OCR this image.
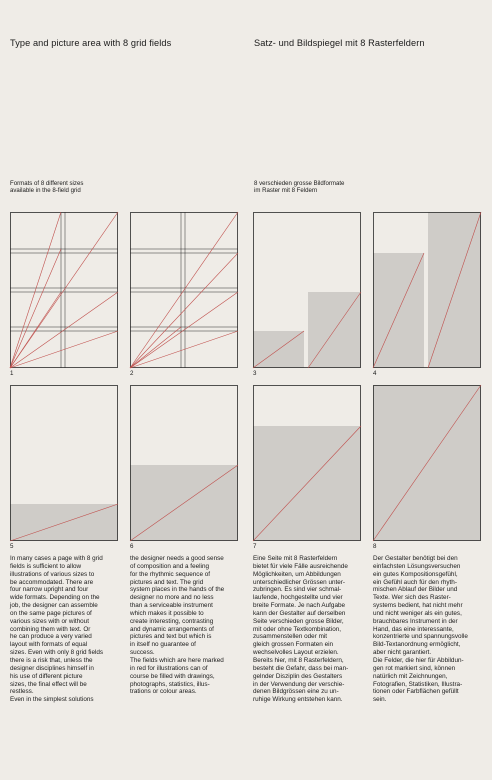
Type and picture area with 8 grid fields	Satz- und Bildspiegel mit 8 Rasterfeldern
Formats of 8 different sizes
available in the 8-field grid
8 verschieden grosse Bildformate
im Raster mit 8 Feldern
1	2	3	4
5	6	7	8

In many cases a page with 8 grid

fields is sufficient to allow

illustrations of various sizes to

be accommodated. There are

four narrow upright and four

wide formats. Depending on the

job, the designer can assemble

on the same page pictures of

various sizes with or without

combining them with text. Or

he can produce a very varied

layout with formats of equal

sizes. Even with only 8 grid fields

there is a risk that, unless the

designer disciplines himself in

his use of different picture

sizes, the final effect will be

restless.

Even in the simplest solutions

the designer needs a good sense

of composition and a feeling

for the rhythmic sequence of

pictures and text. The grid

system places in the hands of the

designer no more and no less

than a serviceable instrument

which makes it possible to

create interesting, contrasting

and dynamic arrangements of

pictures and text but which is

in itself no guarantee of

success.

The fields which are here marked

in red for illustrations can of

course be filled with drawings,

photographs, statistics, illus-

trations or colour areas.

Eine Seite mit 8 Rasterfeldern

bietet für viele Fälle ausreichende

Möglichkeiten, um Abbildungen

unterschiedlicher Grössen unter-

zubringen. Es sind vier schmal-

laufende, hochgestellte und vier

breite Formate. Je nach Aufgabe

kann der Gestalter auf derselben

Seite verschieden grosse Bilder,

mit oder ohne Textkombination,

zusammenstellen oder mit

gleich grossen Formaten ein

wechselvolles Layout erzielen.

Bereits hier, mit 8 Rasterfeldern,

besteht die Gefahr, dass bei man-

gelnder Disziplin des Gestalters

in der Verwendung der verschie-

denen Bildgrössen eine zu un-

ruhige Wirkung entstehen kann.

Der Gestalter benötigt bei den

einfachsten Lösungsversuchen

ein gutes Kompositionsgefühl,

ein Gefühl auch für den rhyth-

mischen Ablauf der Bilder und

Texte. Wer sich des Raster-

systems bedient, hat nicht mehr

und nicht weniger als ein gutes,

brauchbares Instrument in der

Hand, das eine interessante,

konzentrierte und spannungsvolle

Bild-Textanordnung ermöglicht,

aber nicht garantiert.

Die Felder, die hier für Abbildun-

gen rot markiert sind, können

natürlich mit Zeichnungen,

Fotografien, Statistiken, Illustra-

tionen oder Farbflächen gefüllt

sein.
